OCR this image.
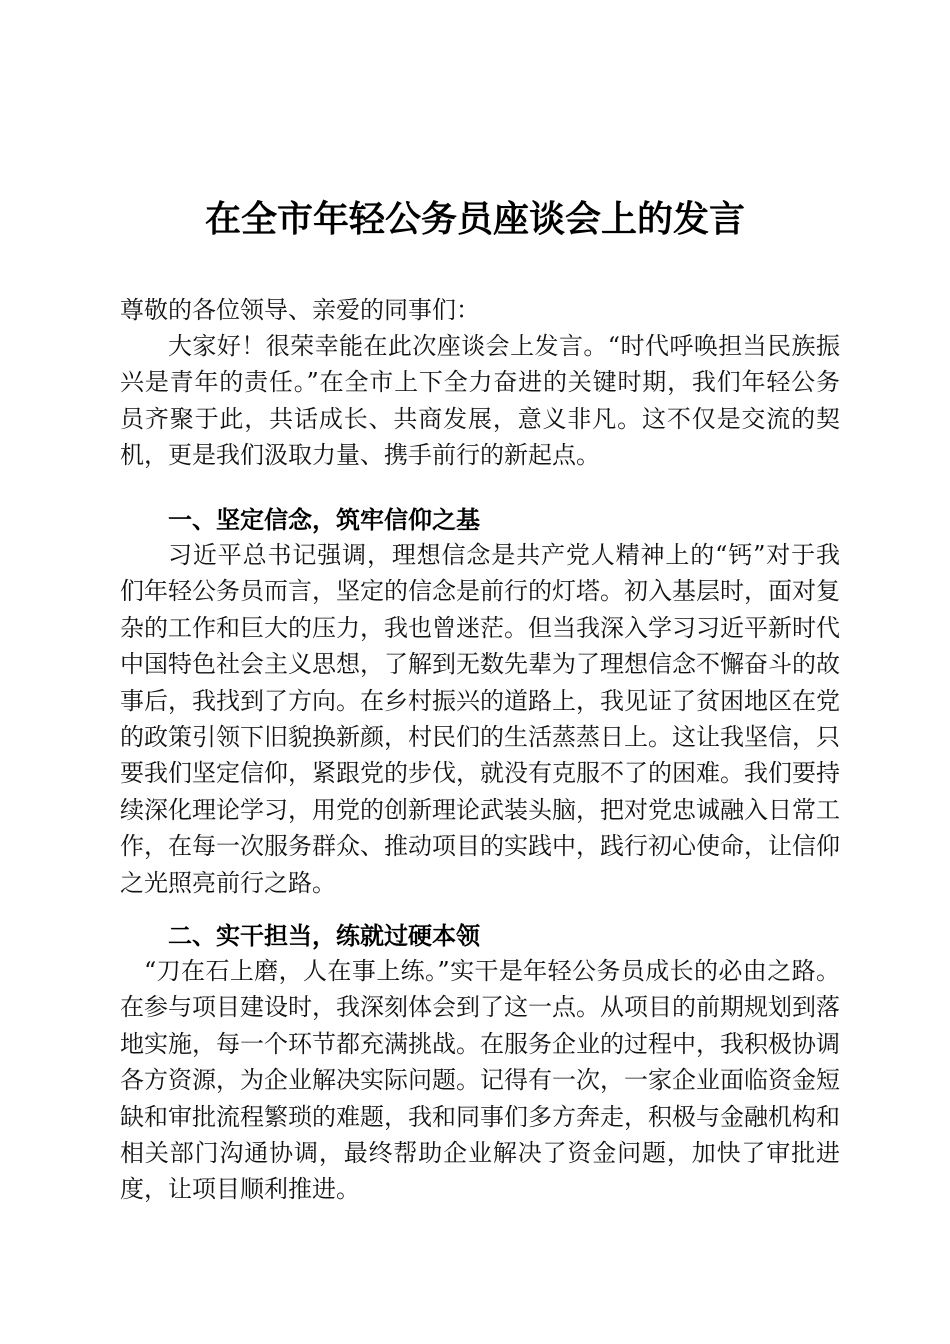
在全市年轻公务员座谈会上的发言
尊敬的各位领导、亲爱的同事们：
大家好！很荣幸能在此次座谈会上发言。“时代呼唤担当民族振兴是青年的责任。”在全市上下全力奋进的关键时期，我们年轻公务员齐聚于此，共话成长、共商发展，意义非凡。这不仅是交流的契机，更是我们汲取力量、携手前行的新起点。
一、坚定信念，筑牢信仰之基
习近平总书记强调，理想信念是共产党人精神上的“钙”对于我们年轻公务员而言，坚定的信念是前行的灯塔。初入基层时，面对复杂的工作和巨大的压力，我也曾迷茫。但当我深入学习习近平新时代中国特色社会主义思想，了解到无数先辈为了理想信念不懈奋斗的故事后，我找到了方向。在乡村振兴的道路上，我见证了贫困地区在党的政策引领下旧貌换新颜，村民们的生活蒸蒸日上。这让我坚信，只要我们坚定信仰，紧跟党的步伐，就没有克服不了的困难。我们要持续深化理论学习，用党的创新理论武装头脑，把对党忠诚融入日常工作，在每一次服务群众、推动项目的实践中，践行初心使命，让信仰之光照亮前行之路。
二、实干担当，练就过硬本领
“刀在石上磨，人在事上练。”实干是年轻公务员成长的必由之路。在参与项目建设时，我深刻体会到了这一点。从项目的前期规划到落地实施，每一个环节都充满挑战。在服务企业的过程中，我积极协调各方资源，为企业解决实际问题。记得有一次，一家企业面临资金短缺和审批流程繁琐的难题，我和同事们多方奔走，积极与金融机构和相关部门沟通协调，最终帮助企业解决了资金问题，加快了审批进度，让项目顺利推进。
